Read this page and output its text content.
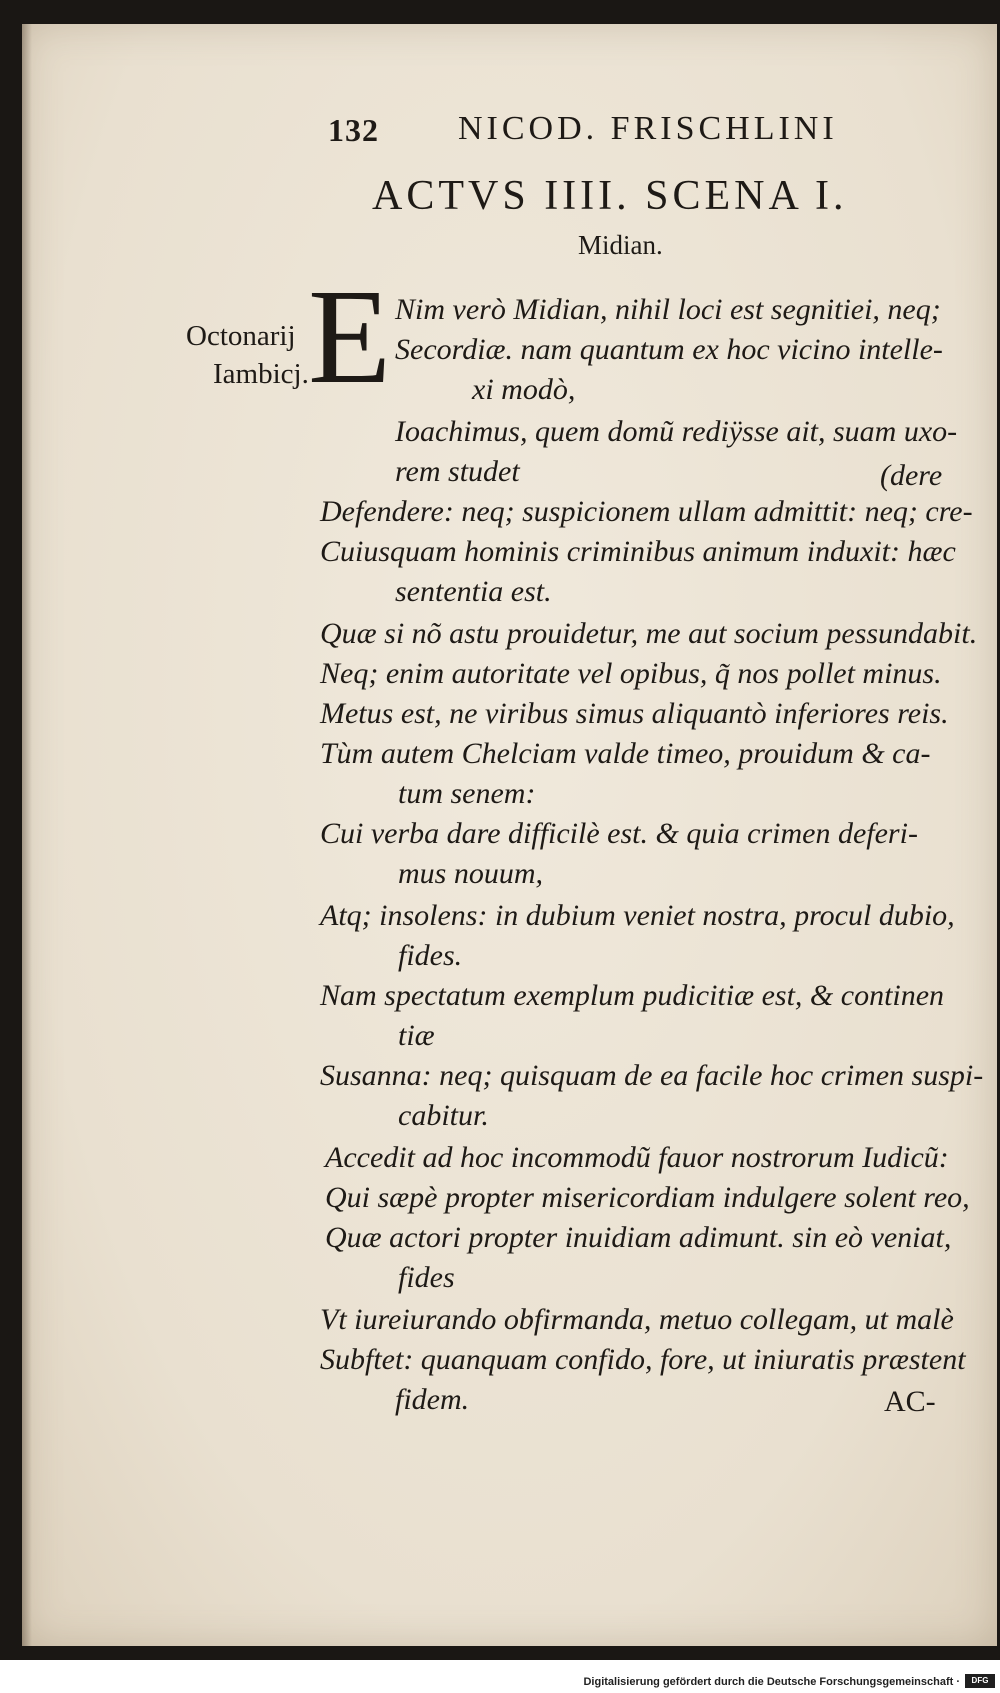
132 NICOD. FRISCHLINI
ACTVS IIII. SCENA I.
Midian.
Octonarij
Iambicj. E Nim verò Midian, nihil loci est segnitiei, neq;
Secordiæ. nam quantum ex hoc vicino intelle-
xi modò,
Ioachimus, quem domũ rediÿsse ait, suam uxo-
rem studet	(dere
Defendere: neq; suspicionem ullam admittit: neq; cre-
Cuiusquam hominis criminibus animum induxit: hæc
sententia est.
Quæ si nõ astu prouidetur, me aut socium pessundabit.
Neq; enim autoritate vel opibus, q̃ nos pollet minus.
Metus est, ne viribus simus aliquantò inferiores reis.
Tùm autem Chelciam valde timeo, prouidum & ca-
tum senem:
Cui verba dare difficilè est. & quia crimen deferi-
mus nouum,
Atq; insolens: in dubium veniet nostra, procul dubio,
fides.
Nam spectatum exemplum pudicitiæ est, & continen
tiæ
Susanna: neq; quisquam de ea facile hoc crimen suspi-
cabitur.
Accedit ad hoc incommodũ fauor nostrorum Iudicũ:
Qui sæpè propter misericordiam indulgere solent reo,
Quæ actori propter inuidiam adimunt. sin eò veniat,
fides
Vt iureiurando obfirmanda, metuo collegam, ut malè
Subftet: quanquam confido, fore, ut iniuratis præstent
fidem.	AC-
Digitalisierung gefördert durch die Deutsche Forschungsgemeinschaft ·	DFG
